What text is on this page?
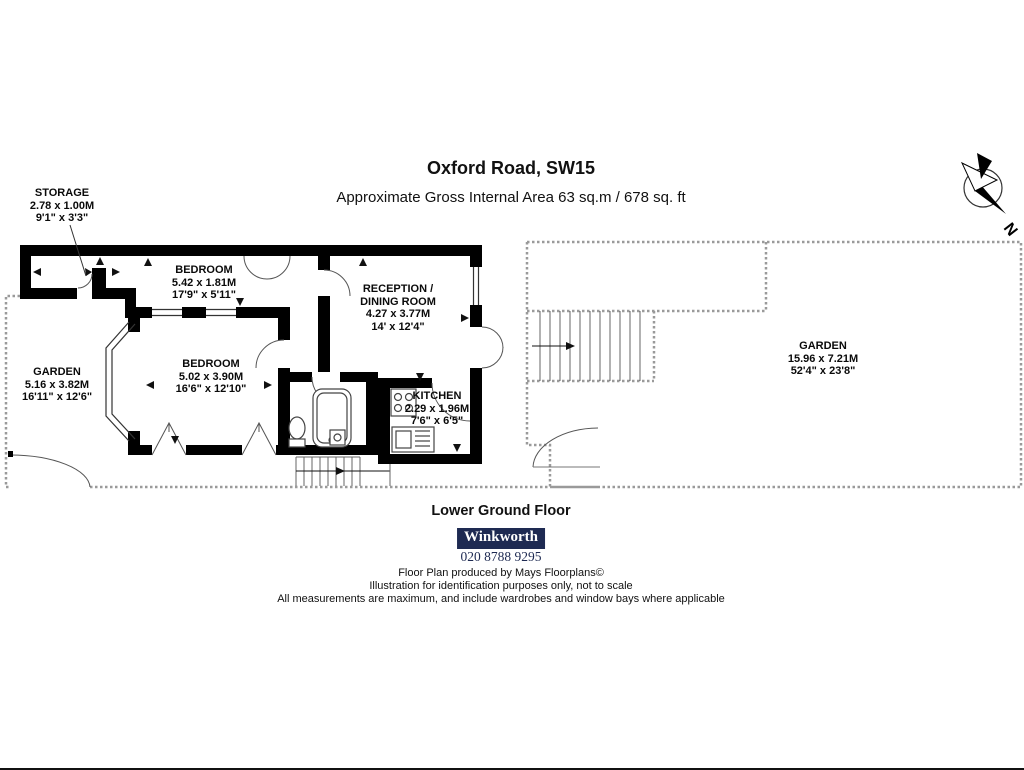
Oxford Road, SW15
Approximate Gross Internal Area 63 sq.m / 678 sq. ft
N
STORAGE
2.78 x 1.00M
9'1" x 3'3"
BEDROOM
5.42 x 1.81M
17'9" x 5'11"	RECEPTION / DINING ROOM
4.27 x 3.77M
14' x 12'4"
GARDEN
5.16 x 3.82M
16'11" x 12'6"
BEDROOM
5.02 x 3.90M
16'6" x 12'10"
KITCHEN
2.29 x 1.96M
7'6" x 6'5"
GARDEN
15.96 x 7.21M
52'4" x 23'8"
Lower Ground Floor
Winkworth
020 8788 9295
Floor Plan produced by Mays Floorplans©
Illustration for identification purposes only, not to scale
All measurements are maximum, and include wardrobes and window bays where applicable
